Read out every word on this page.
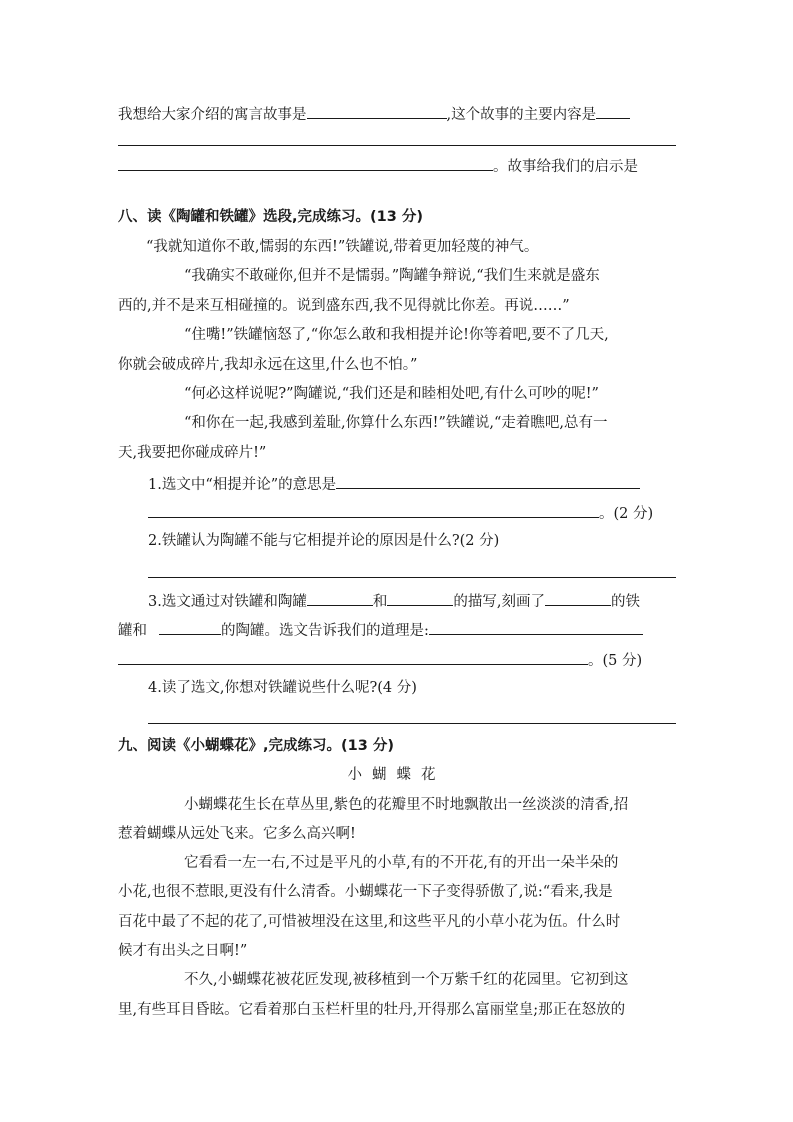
我想给大家介绍的寓言故事是	,这个故事的主要内容是
。故事给我们的启示是
八、读《陶罐和铁罐》选段,完成练习。(13 分)
“我就知道你不敢,懦弱的东西!”铁罐说,带着更加轻蔑的神气。
“我确实不敢碰你,但并不是懦弱。”陶罐争辩说,“我们生来就是盛东
西的,并不是来互相碰撞的。说到盛东西,我不见得就比你差。再说……”
“住嘴!”铁罐恼怒了,“你怎么敢和我相提并论!你等着吧,要不了几天,
你就会破成碎片,我却永远在这里,什么也不怕。”
“何必这样说呢?”陶罐说,“我们还是和睦相处吧,有什么可吵的呢!”
“和你在一起,我感到羞耻,你算什么东西!”铁罐说,“走着瞧吧,总有一
天,我要把你碰成碎片!”
1.选文中“相提并论”的意思是
。(2 分)
2.铁罐认为陶罐不能与它相提并论的原因是什么?(2 分)
3.选文通过对铁罐和陶罐	和	的描写,刻画了	的铁
罐和	的陶罐。选文告诉我们的道理是:
。(5 分)
4.读了选文,你想对铁罐说些什么呢?(4 分)
九、阅读《小蝴蝶花》,完成练习。(13 分)
小蝴蝶花
小蝴蝶花生长在草丛里,紫色的花瓣里不时地飘散出一丝淡淡的清香,招
惹着蝴蝶从远处飞来。它多么高兴啊!
它看看一左一右,不过是平凡的小草,有的不开花,有的开出一朵半朵的
小花,也很不惹眼,更没有什么清香。小蝴蝶花一下子变得骄傲了,说:“看来,我是
百花中最了不起的花了,可惜被埋没在这里,和这些平凡的小草小花为伍。什么时
候才有出头之日啊!”
不久,小蝴蝶花被花匠发现,被移植到一个万紫千红的花园里。它初到这
里,有些耳目昏眩。它看着那白玉栏杆里的牡丹,开得那么富丽堂皇;那正在怒放的
